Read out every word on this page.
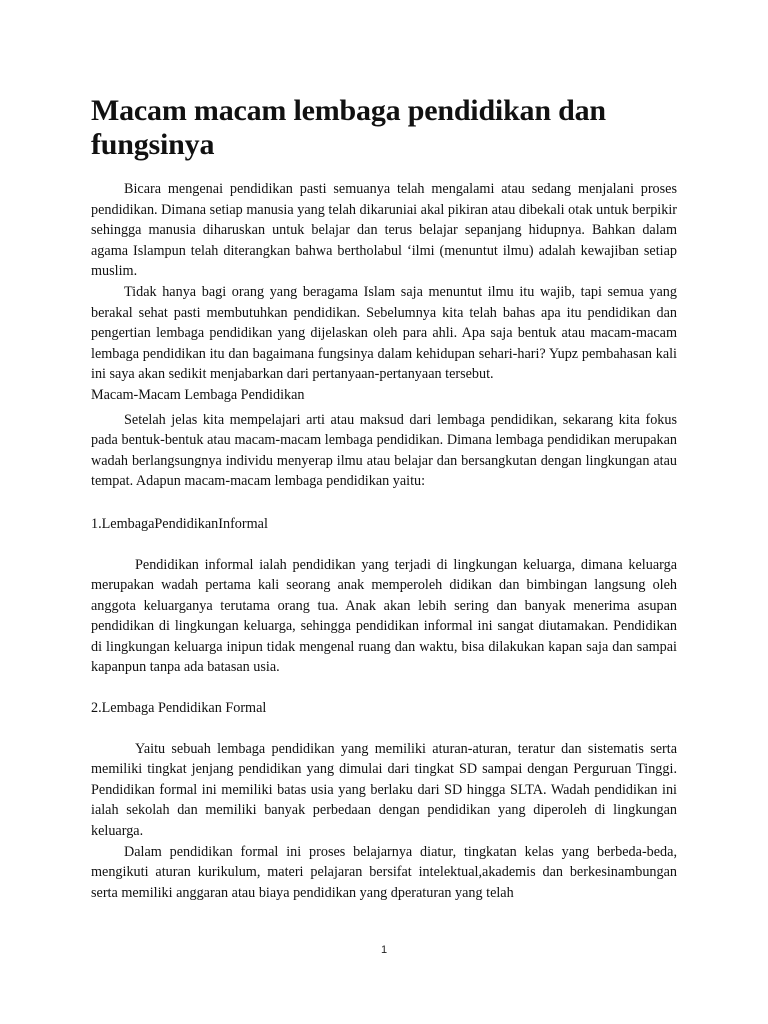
Macam macam lembaga pendidikan dan fungsinya

Bicara mengenai pendidikan pasti semuanya telah mengalami atau sedang menjalani proses pendidikan. Dimana setiap manusia yang telah dikaruniai akal pikiran atau dibekali otak untuk berpikir sehingga manusia diharuskan untuk belajar dan terus belajar sepanjang hidupnya. Bahkan dalam agama Islampun telah diterangkan bahwa bertholabul ‘ilmi (menuntut ilmu) adalah kewajiban setiap muslim.

Tidak hanya bagi orang yang beragama Islam saja menuntut ilmu itu wajib, tapi semua yang berakal sehat pasti membutuhkan pendidikan. Sebelumnya kita telah bahas apa itu pendidikan dan pengertian lembaga pendidikan yang dijelaskan oleh para ahli. Apa saja bentuk atau macam-macam lembaga pendidikan itu dan bagaimana fungsinya dalam kehidupan sehari-hari? Yupz pembahasan kali ini saya akan sedikit menjabarkan dari pertanyaan-pertanyaan tersebut.

Macam-Macam Lembaga Pendidikan

Setelah jelas kita mempelajari arti atau maksud dari lembaga pendidikan, sekarang kita fokus pada bentuk-bentuk atau macam-macam lembaga pendidikan. Dimana lembaga pendidikan merupakan wadah berlangsungnya individu menyerap ilmu atau belajar dan bersangkutan dengan lingkungan atau tempat. Adapun macam-macam lembaga pendidikan yaitu:

1.LembagaPendidikanInformal

Pendidikan informal ialah pendidikan yang terjadi di lingkungan keluarga, dimana keluarga merupakan wadah pertama kali seorang anak memperoleh didikan dan bimbingan langsung oleh anggota keluarganya terutama orang tua. Anak akan lebih sering dan banyak menerima asupan pendidikan di lingkungan keluarga, sehingga pendidikan informal ini sangat diutamakan. Pendidikan di lingkungan keluarga inipun tidak mengenal ruang dan waktu, bisa dilakukan kapan saja dan sampai kapanpun tanpa ada batasan usia.

2.Lembaga Pendidikan Formal

Yaitu sebuah lembaga pendidikan yang memiliki aturan-aturan, teratur dan sistematis serta memiliki tingkat jenjang pendidikan yang dimulai dari tingkat SD sampai dengan Perguruan Tinggi. Pendidikan formal ini memiliki batas usia yang berlaku dari SD hingga SLTA. Wadah pendidikan ini ialah sekolah dan memiliki banyak perbedaan dengan pendidikan yang diperoleh di lingkungan keluarga.

Dalam pendidikan formal ini proses belajarnya diatur, tingkatan kelas yang berbeda-beda, mengikuti aturan kurikulum, materi pelajaran bersifat intelektual,akademis dan berkesinambungan serta memiliki anggaran atau biaya pendidikan yang dperaturan yang telah

1
